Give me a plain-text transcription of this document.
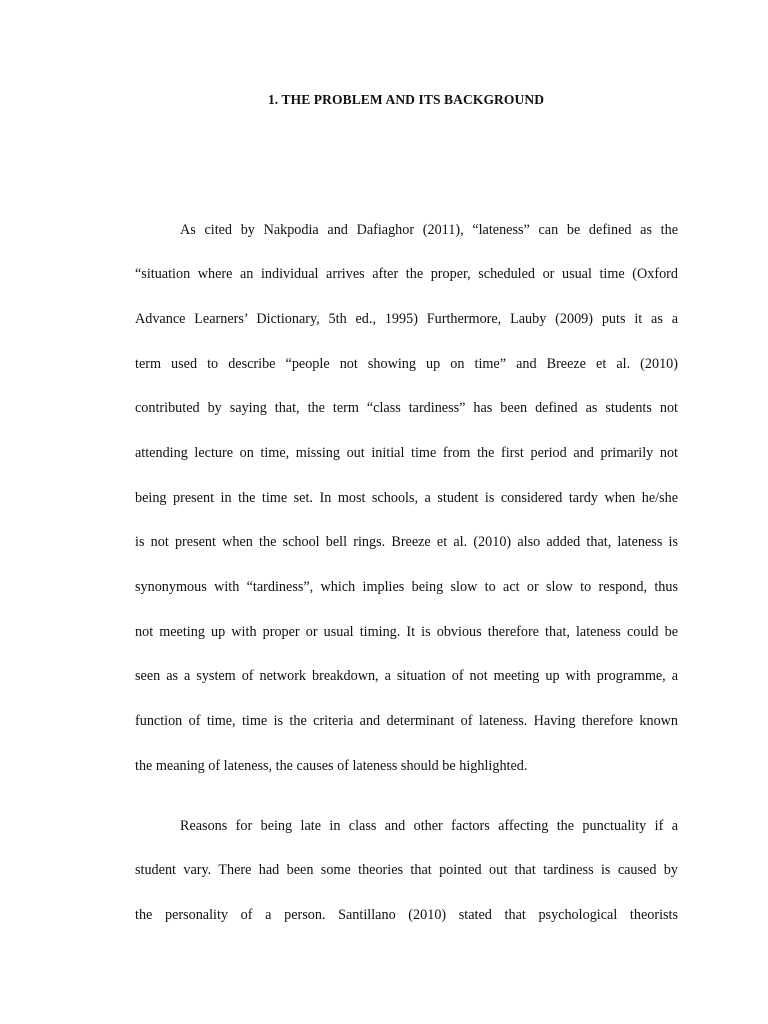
1. THE PROBLEM AND ITS BACKGROUND
As cited by Nakpodia and Dafiaghor (2011), “lateness” can be defined as the
“situation where an individual arrives after the proper, scheduled or usual time (Oxford
Advance Learners’ Dictionary, 5th ed., 1995) Furthermore, Lauby (2009) puts it as a
term used to describe “people not showing up on time” and Breeze et al. (2010)
contributed by saying that, the term “class tardiness” has been defined as students not
attending lecture on time, missing out initial time from the first period and primarily not
being present in the time set. In most schools, a student is considered tardy when he/she
is not present when the school bell rings. Breeze et al. (2010) also added that, lateness is
synonymous with “tardiness”, which implies being slow to act or slow to respond, thus
not meeting up with proper or usual timing. It is obvious therefore that, lateness could be
seen as a system of network breakdown, a situation of not meeting up with programme, a
function of time, time is the criteria and determinant of lateness. Having therefore known
the meaning of lateness, the causes of lateness should be highlighted.
Reasons for being late in class and other factors affecting the punctuality if a
student vary. There had been some theories that pointed out that tardiness is caused by
the personality of a person. Santillano (2010) stated that psychological theorists
